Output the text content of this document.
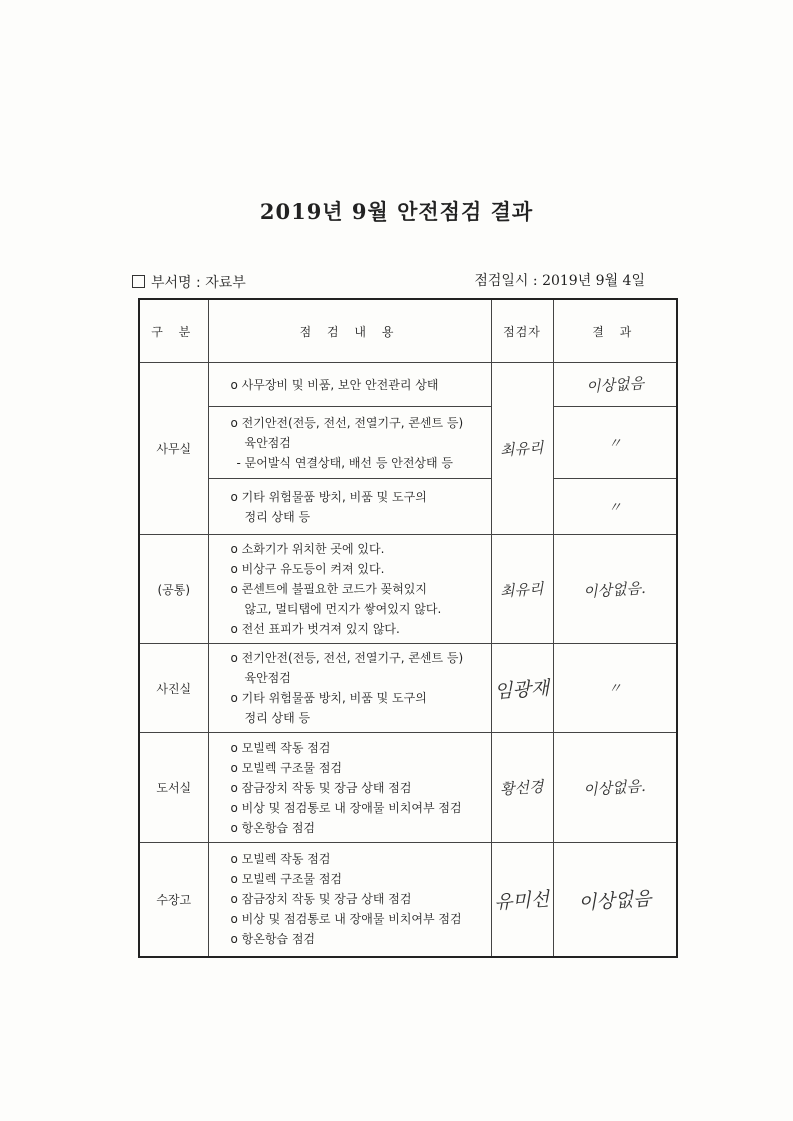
2019년 9월 안전점검 결과
부서명 : 자료부	점검일시 : 2019년 9월 4일
구 분	점 검 내 용	점검자	결 과
사무실	o 사무장비 및 비품, 보안 안전관리 상태	최유리	이상없음

	o 전기안전(전등, 전선, 전열기구, 콘센트 등)
육안점검
- 문어발식 연결상태, 배선 등 안전상태 등		〃

	o 기타 위험물품 방치, 비품 및 도구의
정리 상태 등		〃
(공통)	o 소화기가 위치한 곳에 있다.
o 비상구 유도등이 켜져 있다.
o 콘센트에 불필요한 코드가 꽂혀있지
않고, 멀티탭에 먼지가 쌓여있지 않다.
o 전선 표피가 벗겨져 있지 않다.	최유리	이상없음.
사진실	o 전기안전(전등, 전선, 전열기구, 콘센트 등)
육안점검
o 기타 위험물품 방치, 비품 및 도구의
정리 상태 등	임광재	〃
도서실	o 모빌렉 작동 점검
o 모빌렉 구조물 점검
o 잠금장치 작동 및 장금 상태 점검
o 비상 및 점검통로 내 장애물 비치여부 점검
o 항온항습 점검	황선경	이상없음.
수장고	o 모빌렉 작동 점검
o 모빌렉 구조물 점검
o 잠금장치 작동 및 장금 상태 점검
o 비상 및 점검통로 내 장애물 비치여부 점검
o 항온항습 점검	유미선	이상없음
